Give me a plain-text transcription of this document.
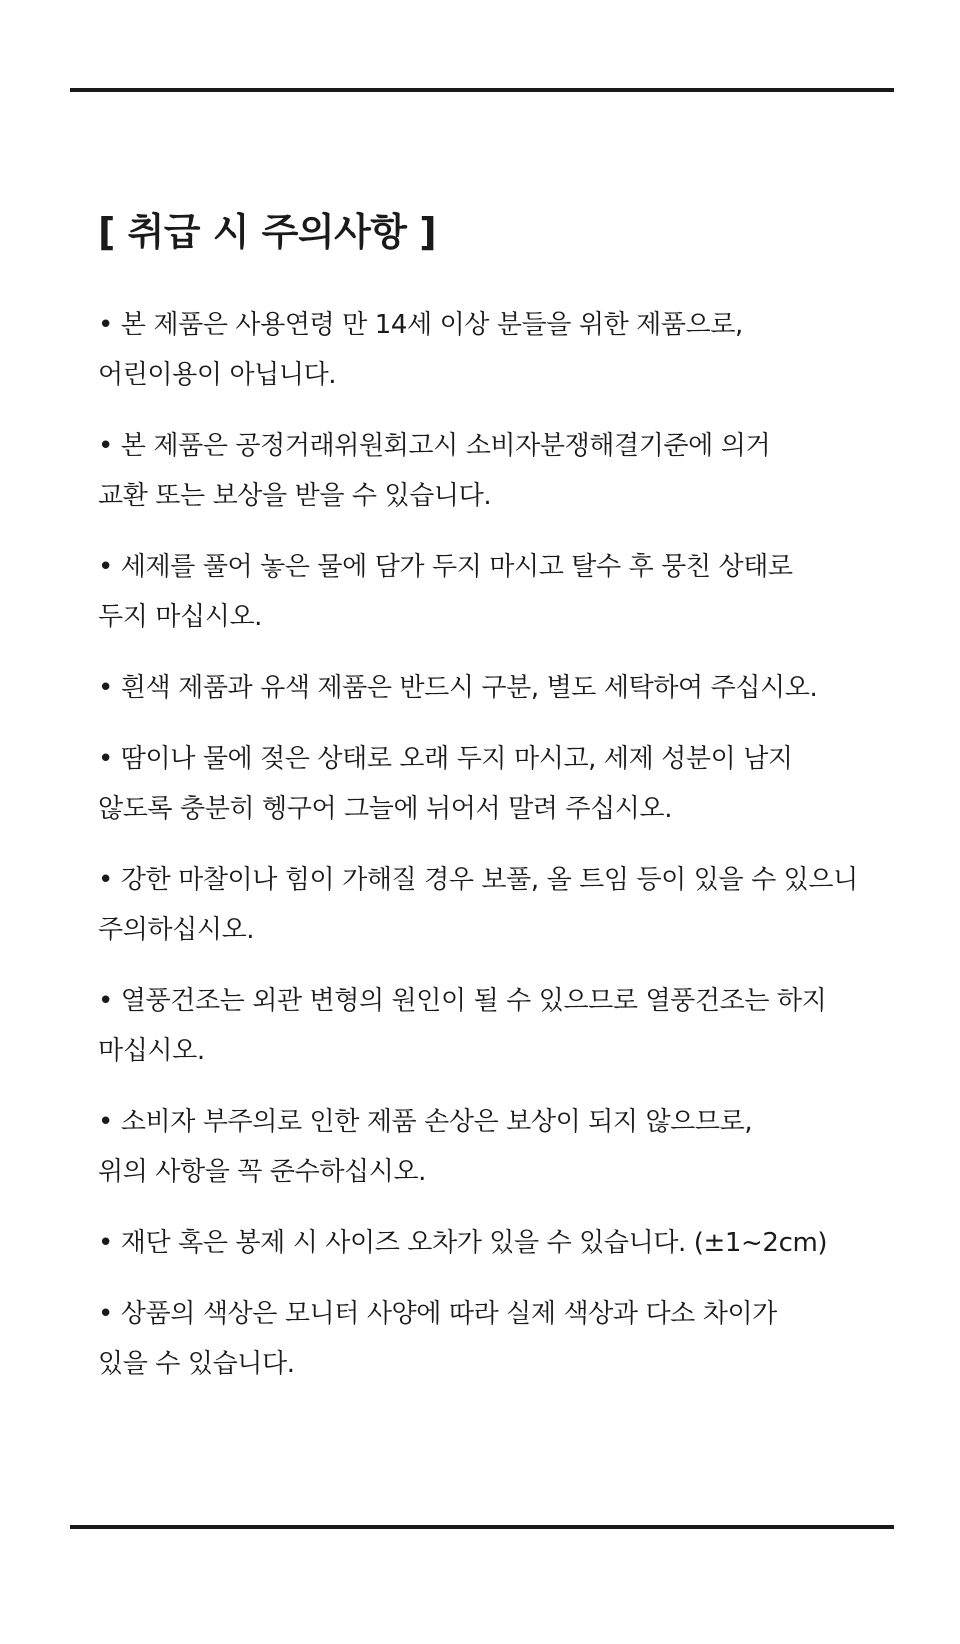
[ 취급 시 주의사항 ]
• 본 제품은 사용연령 만 14세 이상 분들을 위한 제품으로,
어린이용이 아닙니다.
• 본 제품은 공정거래위원회고시 소비자분쟁해결기준에 의거
교환 또는 보상을 받을 수 있습니다.
• 세제를 풀어 놓은 물에 담가 두지 마시고 탈수 후 뭉친 상태로
두지 마십시오.
• 흰색 제품과 유색 제품은 반드시 구분, 별도 세탁하여 주십시오.
• 땀이나 물에 젖은 상태로 오래 두지 마시고, 세제 성분이 남지
않도록 충분히 헹구어 그늘에 뉘어서 말려 주십시오.
• 강한 마찰이나 힘이 가해질 경우 보풀, 올 트임 등이 있을 수 있으니
주의하십시오.
• 열풍건조는 외관 변형의 원인이 될 수 있으므로 열풍건조는 하지
마십시오.
• 소비자 부주의로 인한 제품 손상은 보상이 되지 않으므로,
위의 사항을 꼭 준수하십시오.
• 재단 혹은 봉제 시 사이즈 오차가 있을 수 있습니다. (±1~2cm)
• 상품의 색상은 모니터 사양에 따라 실제 색상과 다소 차이가
있을 수 있습니다.
